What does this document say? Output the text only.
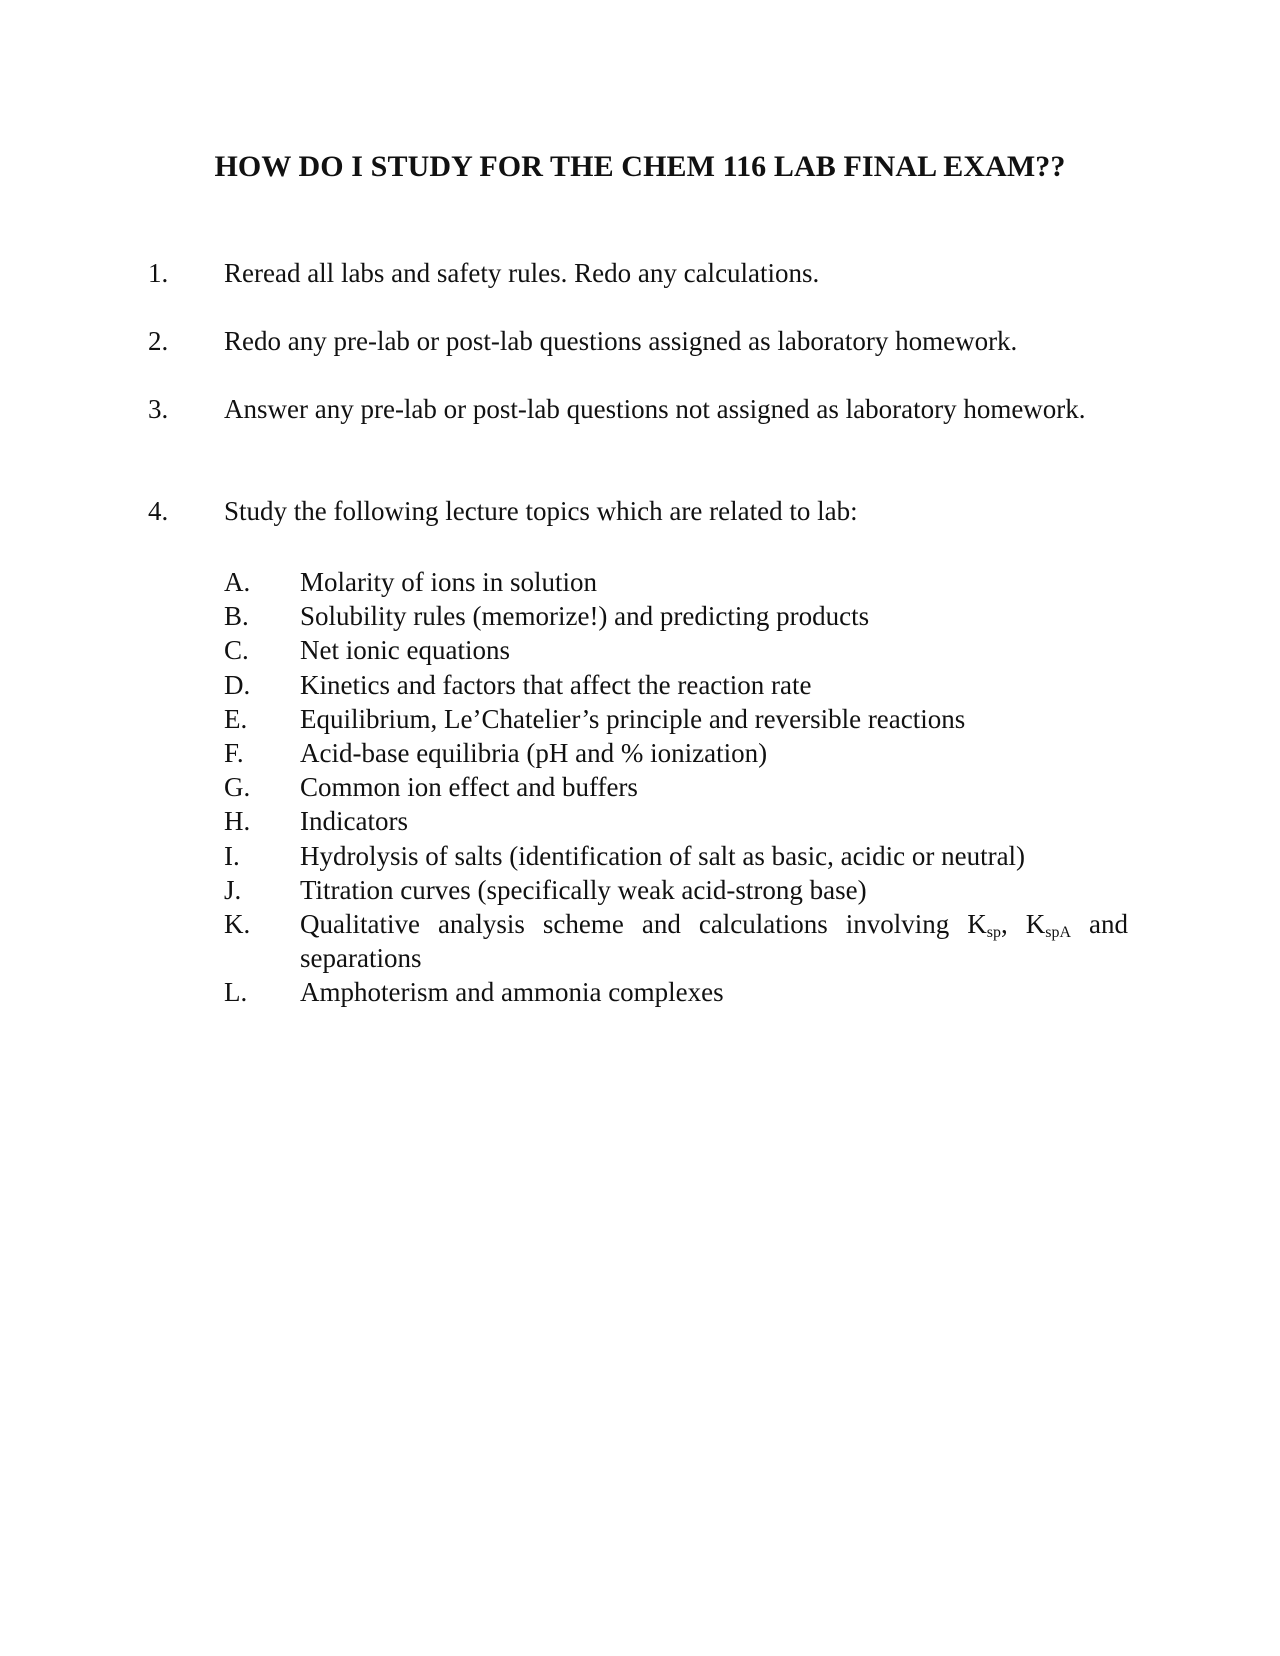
HOW DO I STUDY FOR THE CHEM 116 LAB FINAL EXAM??
1. Reread all labs and safety rules. Redo any calculations.
2. Redo any pre-lab or post-lab questions assigned as laboratory homework.
3. Answer any pre-lab or post-lab questions not assigned as laboratory homework.
4. Study the following lecture topics which are related to lab:
A. Molarity of ions in solution
B. Solubility rules (memorize!) and predicting products
C. Net ionic equations
D. Kinetics and factors that affect the reaction rate
E. Equilibrium, Le’Chatelier’s principle and reversible reactions
F. Acid-base equilibria (pH and % ionization)
G. Common ion effect and buffers
H. Indicators
I. Hydrolysis of salts (identification of salt as basic, acidic or neutral)
J. Titration curves (specifically weak acid-strong base)
K. Qualitative analysis scheme and calculations involving $K_{sp}$, $K_{spA}$ and separations
L. Amphoterism and ammonia complexes
